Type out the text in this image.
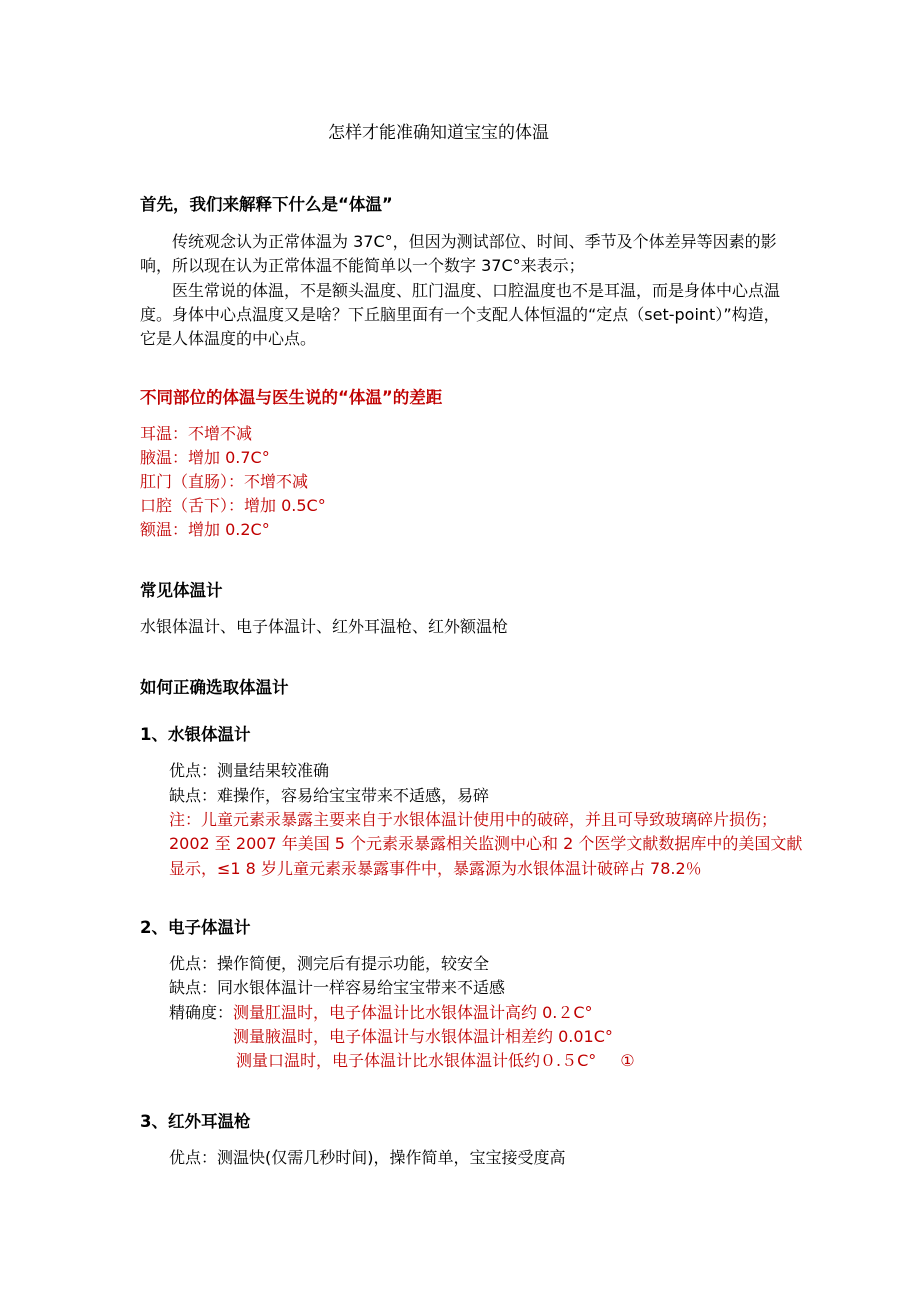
怎样才能准确知道宝宝的体温
首先，我们来解释下什么是“体温”
传统观念认为正常体温为 37C°，但因为测试部位、时间、季节及个体差异等因素的影
响，所以现在认为正常体温不能简单以一个数字 37C°来表示；
医生常说的体温，不是额头温度、肛门温度、口腔温度也不是耳温，而是身体中心点温
度。身体中心点温度又是啥？下丘脑里面有一个支配人体恒温的“定点（set-point）”构造，
它是人体温度的中心点。
不同部位的体温与医生说的“体温”的差距
耳温：不增不减
腋温：增加 0.7C°
肛门（直肠）：不增不减
口腔（舌下）：增加 0.5C°
额温：增加 0.2C°
常见体温计
水银体温计、电子体温计、红外耳温枪、红外额温枪
如何正确选取体温计
1、水银体温计
优点：测量结果较准确
缺点：难操作，容易给宝宝带来不适感，易碎
注：儿童元素汞暴露主要来自于水银体温计使用中的破碎，并且可导致玻璃碎片损伤；
2002 至 2007 年美国 5 个元素汞暴露相关监测中心和 2 个医学文献数据库中的美国文献
显示，≤1 8 岁儿童元素汞暴露事件中，暴露源为水银体温计破碎占 78.2％
2、电子体温计
优点：操作简便，测完后有提示功能，较安全
缺点：同水银体温计一样容易给宝宝带来不适感
精确度：测量肛温时，电子体温计比水银体温计高约 0.２C°
测量腋温时，电子体温计与水银体温计相差约 0.01C°
测量口温时，电子体温计比水银体温计低约０.５C° ①
3、红外耳温枪
优点：测温快(仅需几秒时间)，操作简单，宝宝接受度高
